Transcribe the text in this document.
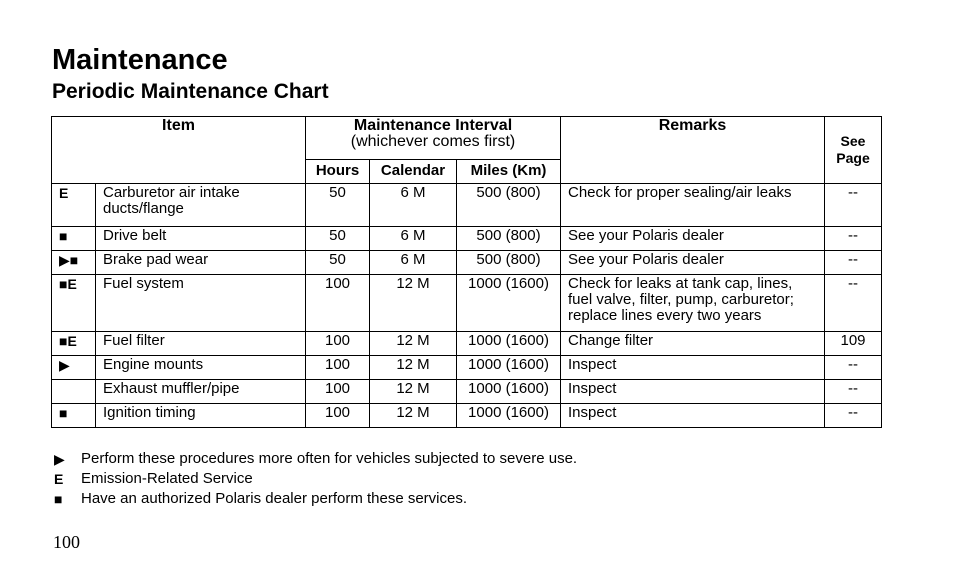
Maintenance
Periodic Maintenance Chart
Item		Maintenance Interval
(whichever comes first)			Remarks	See Page
		Hours	Calendar	Miles (Km)		
E	Carburetor air intake ducts/flange	50	6 M	500 (800)	Check for proper sealing/air leaks	--
■	Drive belt	50	6 M	500 (800)	See your Polaris dealer	--
▶■	Brake pad wear	50	6 M	500 (800)	See your Polaris dealer	--
■E	Fuel system	100	12 M	1000 (1600)	Check for leaks at tank cap, lines, fuel valve, filter, pump, carburetor; replace lines every two years	--
■E	Fuel filter	100	12 M	1000 (1600)	Change filter	109
▶	Engine mounts	100	12 M	1000 (1600)	Inspect	--
	Exhaust muffler/pipe	100	12 M	1000 (1600)	Inspect	--
■	Ignition timing	100	12 M	1000 (1600)	Inspect	--
▶	Perform these procedures more often for vehicles subjected to severe use.
E	Emission-Related Service
■	Have an authorized Polaris dealer perform these services.
100
